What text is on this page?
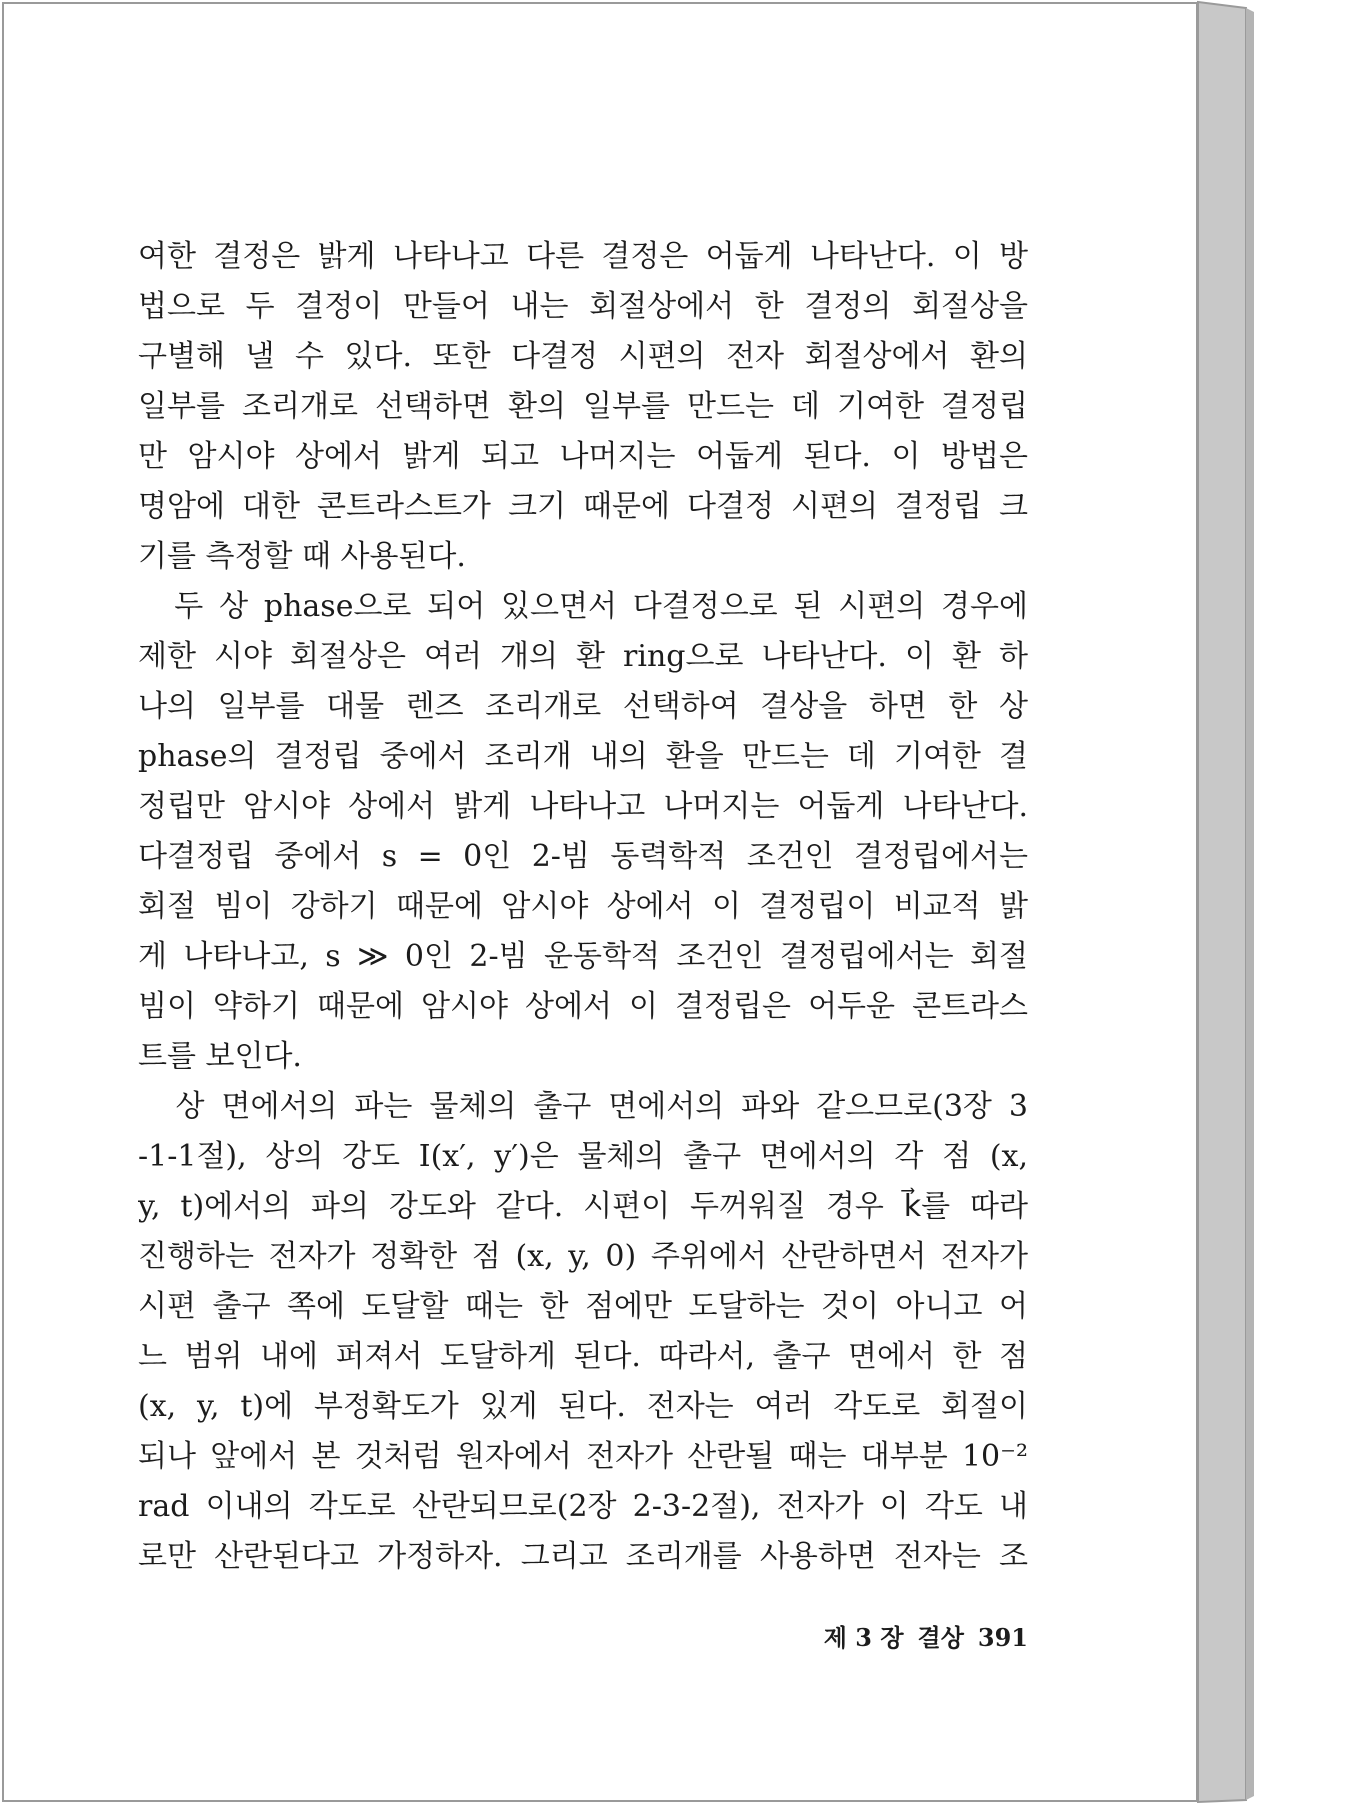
여한 결정은 밝게 나타나고 다른 결정은 어둡게 나타난다. 이 방
법으로 두 결정이 만들어 내는 회절상에서 한 결정의 회절상을
구별해 낼 수 있다. 또한 다결정 시편의 전자 회절상에서 환의
일부를 조리개로 선택하면 환의 일부를 만드는 데 기여한 결정립
만 암시야 상에서 밝게 되고 나머지는 어둡게 된다. 이 방법은
명암에 대한 콘트라스트가 크기 때문에 다결정 시편의 결정립 크
기를 측정할 때 사용된다.
　두 상 phase으로 되어 있으면서 다결정으로 된 시편의 경우에
제한 시야 회절상은 여러 개의 환 ring으로 나타난다. 이 환 하
나의 일부를 대물 렌즈 조리개로 선택하여 결상을 하면 한 상
phase의 결정립 중에서 조리개 내의 환을 만드는 데 기여한 결
정립만 암시야 상에서 밝게 나타나고 나머지는 어둡게 나타난다.
다결정립 중에서 s = 0인 2-빔 동력학적 조건인 결정립에서는
회절 빔이 강하기 때문에 암시야 상에서 이 결정립이 비교적 밝
게 나타나고, s ≫ 0인 2-빔 운동학적 조건인 결정립에서는 회절
빔이 약하기 때문에 암시야 상에서 이 결정립은 어두운 콘트라스
트를 보인다.
　상 면에서의 파는 물체의 출구 면에서의 파와 같으므로(3장 3
-1-1절), 상의 강도 I(x′, y′)은 물체의 출구 면에서의 각 점 (x,
y, t)에서의 파의 강도와 같다. 시편이 두꺼워질 경우 k⃗를 따라
진행하는 전자가 정확한 점 (x, y, 0) 주위에서 산란하면서 전자가
시편 출구 쪽에 도달할 때는 한 점에만 도달하는 것이 아니고 어
느 범위 내에 퍼져서 도달하게 된다. 따라서, 출구 면에서 한 점
(x, y, t)에 부정확도가 있게 된다. 전자는 여러 각도로 회절이
되나 앞에서 본 것처럼 원자에서 전자가 산란될 때는 대부분 10⁻²
rad 이내의 각도로 산란되므로(2장 2-3-2절), 전자가 이 각도 내
로만 산란된다고 가정하자. 그리고 조리개를 사용하면 전자는 조
제 3 장 결상 391
